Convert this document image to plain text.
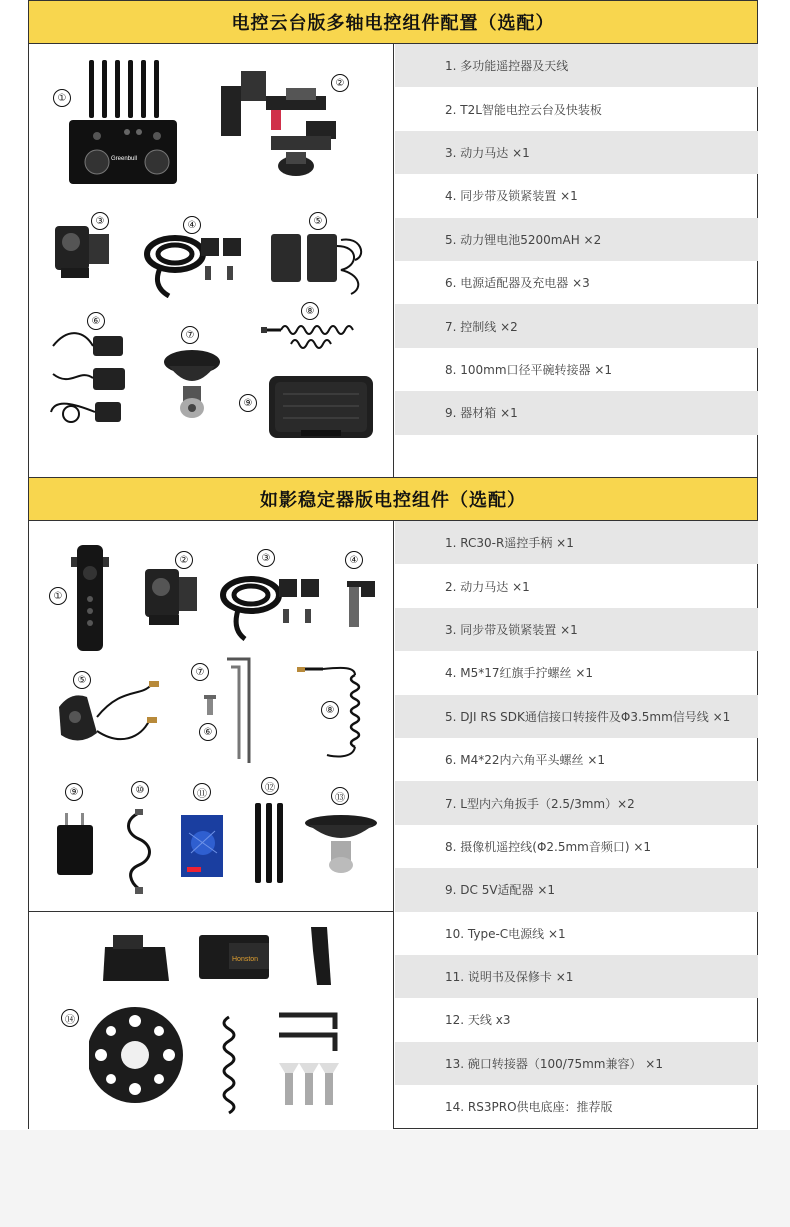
电控云台版多轴电控组件配置（选配）
①
Greenbull
②
③	④	⑤
⑥
⑦
⑧
⑨
1. 多功能遥控器及天线
2. T2L智能电控云台及快装板
3. 动力马达 ×1
4. 同步带及锁紧装置 ×1
5. 动力锂电池5200mAH ×2
6. 电源适配器及充电器 ×3
7. 控制线 ×2
8. 100mm口径平碗转接器 ×1
9. 器材箱 ×1
如影稳定器版电控组件（选配）
①
②	③	④
⑤
⑦
⑥
⑧
⑨	⑩	⑪
⑫
⑬
⑭
Honston
1. RC30-R遥控手柄 ×1
2. 动力马达 ×1
3. 同步带及锁紧装置 ×1
4. M5*17红旗手拧螺丝 ×1
5. DJI RS SDK通信接口转接件及Φ3.5mm信号线 ×1
6. M4*22内六角平头螺丝 ×1
7. L型内六角扳手（2.5/3mm）×2
8. 摄像机遥控线(Φ2.5mm音频口) ×1
9. DC 5V适配器 ×1
10. Type-C电源线 ×1
11. 说明书及保修卡 ×1
12. 天线 x3
13. 碗口转接器（100/75mm兼容） ×1
14. RS3PRO供电底座：推荐版
